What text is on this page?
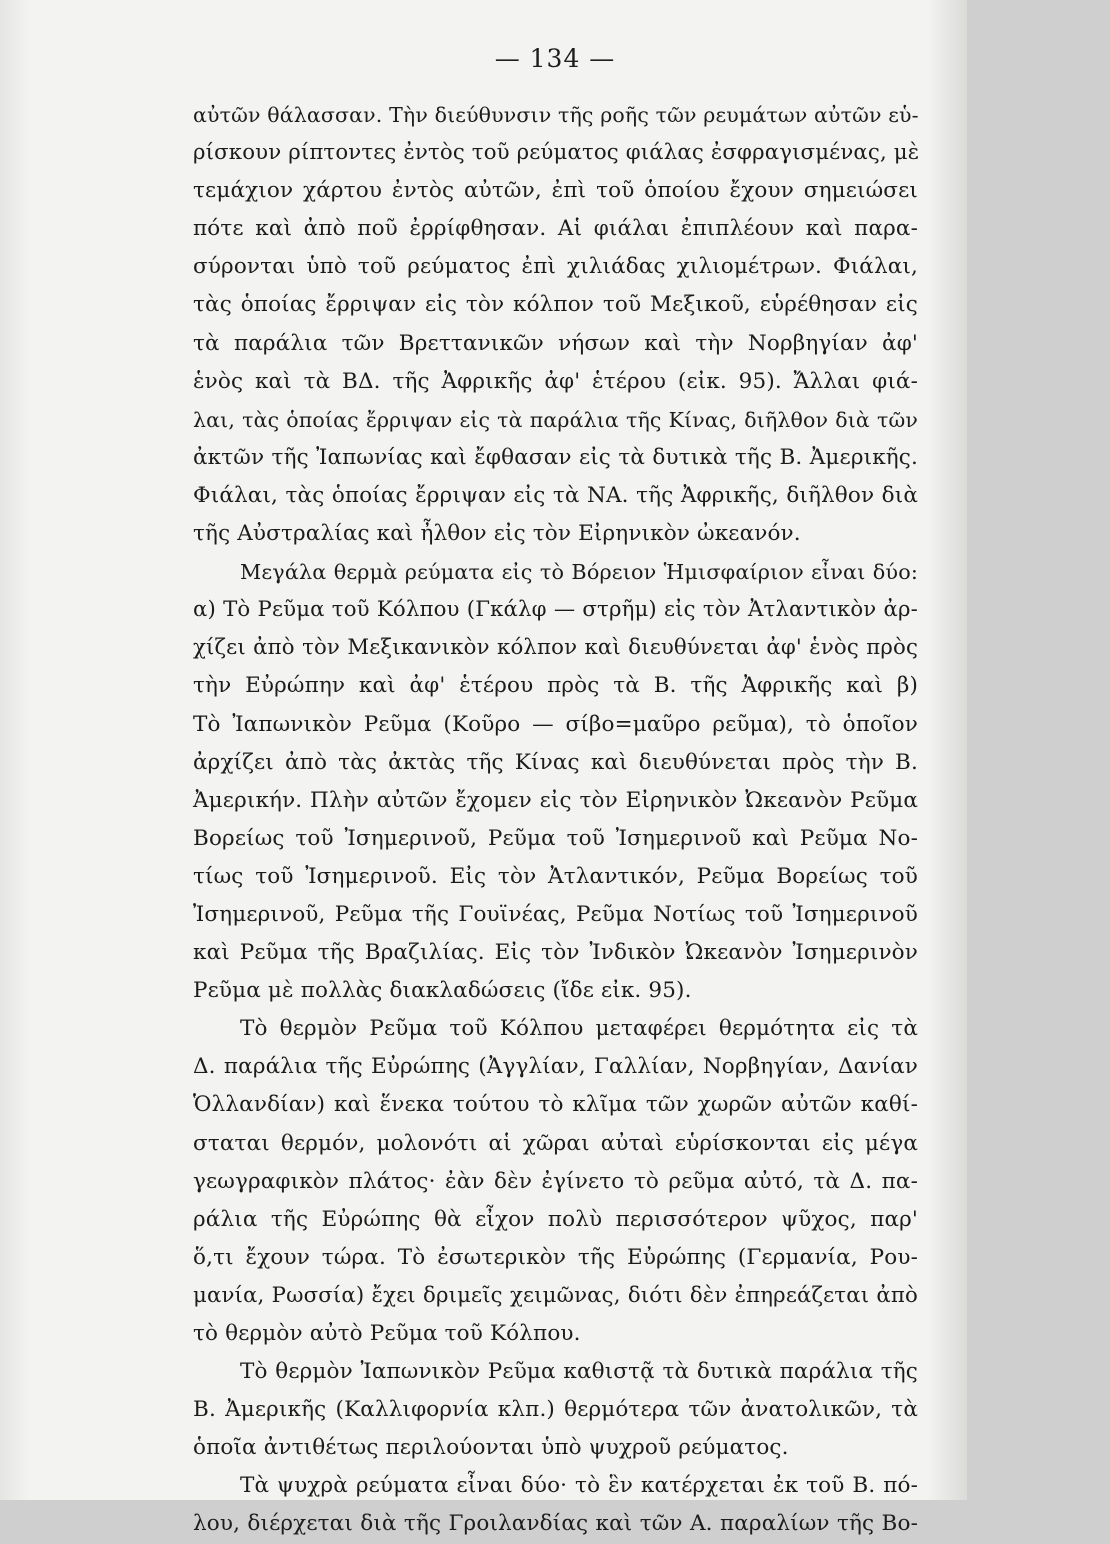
— 134 —
αὐτῶν θάλασσαν. Τὴν διεύθυνσιν τῆς ροῆς τῶν ρευμάτων αὐτῶν εὑ-
ρίσκουν ρίπτοντες ἐντὸς τοῦ ρεύματος φιάλας ἐσφραγισμένας, μὲ
τεμάχιον χάρτου ἐντὸς αὐτῶν, ἐπὶ τοῦ ὁποίου ἔχουν σημειώσει
πότε καὶ ἀπὸ ποῦ ἐρρίφθησαν. Αἱ φιάλαι ἐπιπλέουν καὶ παρα-
σύρονται ὑπὸ τοῦ ρεύματος ἐπὶ χιλιάδας χιλιομέτρων. Φιάλαι,
τὰς ὁποίας ἔρριψαν εἰς τὸν κόλπον τοῦ Μεξικοῦ, εὑρέθησαν εἰς
τὰ παράλια τῶν Βρεττανικῶν νήσων καὶ τὴν Νορβηγίαν ἀφ'
ἑνὸς καὶ τὰ ΒΔ. τῆς Ἀφρικῆς ἀφ' ἑτέρου (εἰκ. 95). Ἄλλαι φιά-
λαι, τὰς ὁποίας ἔρριψαν εἰς τὰ παράλια τῆς Κίνας, διῆλθον διὰ τῶν
ἀκτῶν τῆς Ἰαπωνίας καὶ ἔφθασαν εἰς τὰ δυτικὰ τῆς Β. Ἀμερικῆς.
Φιάλαι, τὰς ὁποίας ἔρριψαν εἰς τὰ ΝΑ. τῆς Ἀφρικῆς, διῆλθον διὰ
τῆς Αὐστραλίας καὶ ἦλθον εἰς τὸν Εἰρηνικὸν ὠκεανόν.
Μεγάλα θερμὰ ρεύματα εἰς τὸ Βόρειον Ἡμισφαίριον εἶναι δύο:
α) Τὸ Ρεῦμα τοῦ Κόλπου (Γκάλφ — στρῆμ) εἰς τὸν Ἀτλαντικὸν ἀρ-
χίζει ἀπὸ τὸν Μεξικανικὸν κόλπον καὶ διευθύνεται ἀφ' ἑνὸς πρὸς
τὴν Εὐρώπην καὶ ἀφ' ἑτέρου πρὸς τὰ Β. τῆς Ἀφρικῆς καὶ β)
Τὸ Ἰαπωνικὸν Ρεῦμα (Κοῦρο — σίβο=μαῦρο ρεῦμα), τὸ ὁποῖον
ἀρχίζει ἀπὸ τὰς ἀκτὰς τῆς Κίνας καὶ διευθύνεται πρὸς τὴν Β.
Ἀμερικήν. Πλὴν αὐτῶν ἔχομεν εἰς τὸν Εἰρηνικὸν Ὠκεανὸν Ρεῦμα
Βορείως τοῦ Ἰσημερινοῦ, Ρεῦμα τοῦ Ἰσημερινοῦ καὶ Ρεῦμα Νο-
τίως τοῦ Ἰσημερινοῦ. Εἰς τὸν Ἀτλαντικόν, Ρεῦμα Βορείως τοῦ
Ἰσημερινοῦ, Ρεῦμα τῆς Γουϊνέας, Ρεῦμα Νοτίως τοῦ Ἰσημερινοῦ
καὶ Ρεῦμα τῆς Βραζιλίας. Εἰς τὸν Ἰνδικὸν Ὠκεανὸν Ἰσημερινὸν
Ρεῦμα μὲ πολλὰς διακλαδώσεις (ἴδε εἰκ. 95).
Τὸ θερμὸν Ρεῦμα τοῦ Κόλπου μεταφέρει θερμότητα εἰς τὰ
Δ. παράλια τῆς Εὐρώπης (Ἀγγλίαν, Γαλλίαν, Νορβηγίαν, Δανίαν
Ὁλλανδίαν) καὶ ἕνεκα τούτου τὸ κλῖμα τῶν χωρῶν αὐτῶν καθί-
σταται θερμόν, μολονότι αἱ χῶραι αὐταὶ εὑρίσκονται εἰς μέγα
γεωγραφικὸν πλάτος· ἐὰν δὲν ἐγίνετο τὸ ρεῦμα αὐτό, τὰ Δ. πα-
ράλια τῆς Εὐρώπης θὰ εἶχον πολὺ περισσότερον ψῦχος, παρ'
ὅ,τι ἔχουν τώρα. Τὸ ἐσωτερικὸν τῆς Εὐρώπης (Γερμανία, Ρου-
μανία, Ρωσσία) ἔχει δριμεῖς χειμῶνας, διότι δὲν ἐπηρεάζεται ἀπὸ
τὸ θερμὸν αὐτὸ Ρεῦμα τοῦ Κόλπου.
Τὸ θερμὸν Ἰαπωνικὸν Ρεῦμα καθιστᾷ τὰ δυτικὰ παράλια τῆς
Β. Ἀμερικῆς (Καλλιφορνία κλπ.) θερμότερα τῶν ἀνατολικῶν, τὰ
ὁποῖα ἀντιθέτως περιλούονται ὑπὸ ψυχροῦ ρεύματος.
Τὰ ψυχρὰ ρεύματα εἶναι δύο· τὸ ἓν κατέρχεται ἐκ τοῦ Β. πό-
λου, διέρχεται διὰ τῆς Γροιλανδίας καὶ τῶν Α. παραλίων τῆς Βο-
